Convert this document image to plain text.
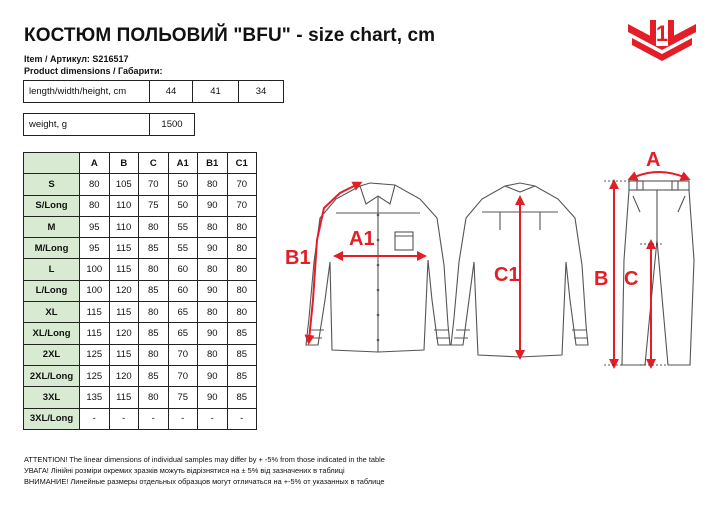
КОСТЮМ ПОЛЬОВИЙ "BFU" - size chart, cm
Item / Артикул: S216517
Product dimensions / Габарити:
1
length/width/height, cm	44	41	34
weight, g	1500
	A	B	C	A1	B1	C1
S	80	105	70	50	80	70
S/Long	80	110	75	50	90	70
M	95	110	80	55	80	80
M/Long	95	115	85	55	90	80
L	100	115	80	60	80	80
L/Long	100	120	85	60	90	80
XL	115	115	80	65	80	80
XL/Long	115	120	85	65	90	85
2XL	125	115	80	70	80	85
2XL/Long	125	120	85	70	90	85
3XL	135	115	80	75	90	85
3XL/Long	-	-	-	-	-	-
B1
A1
C1
A
B C
ATTENTION! The linear dimensions of individual samples may differ by + -5% from those indicated in the table
УВАГА! Лінійні розміри окремих зразків можуть відрізнятися на ± 5% від зазначених в таблиці
ВНИМАНИЕ! Линейные размеры отдельных образцов могут отличаться на +-5% от указанных в таблице
